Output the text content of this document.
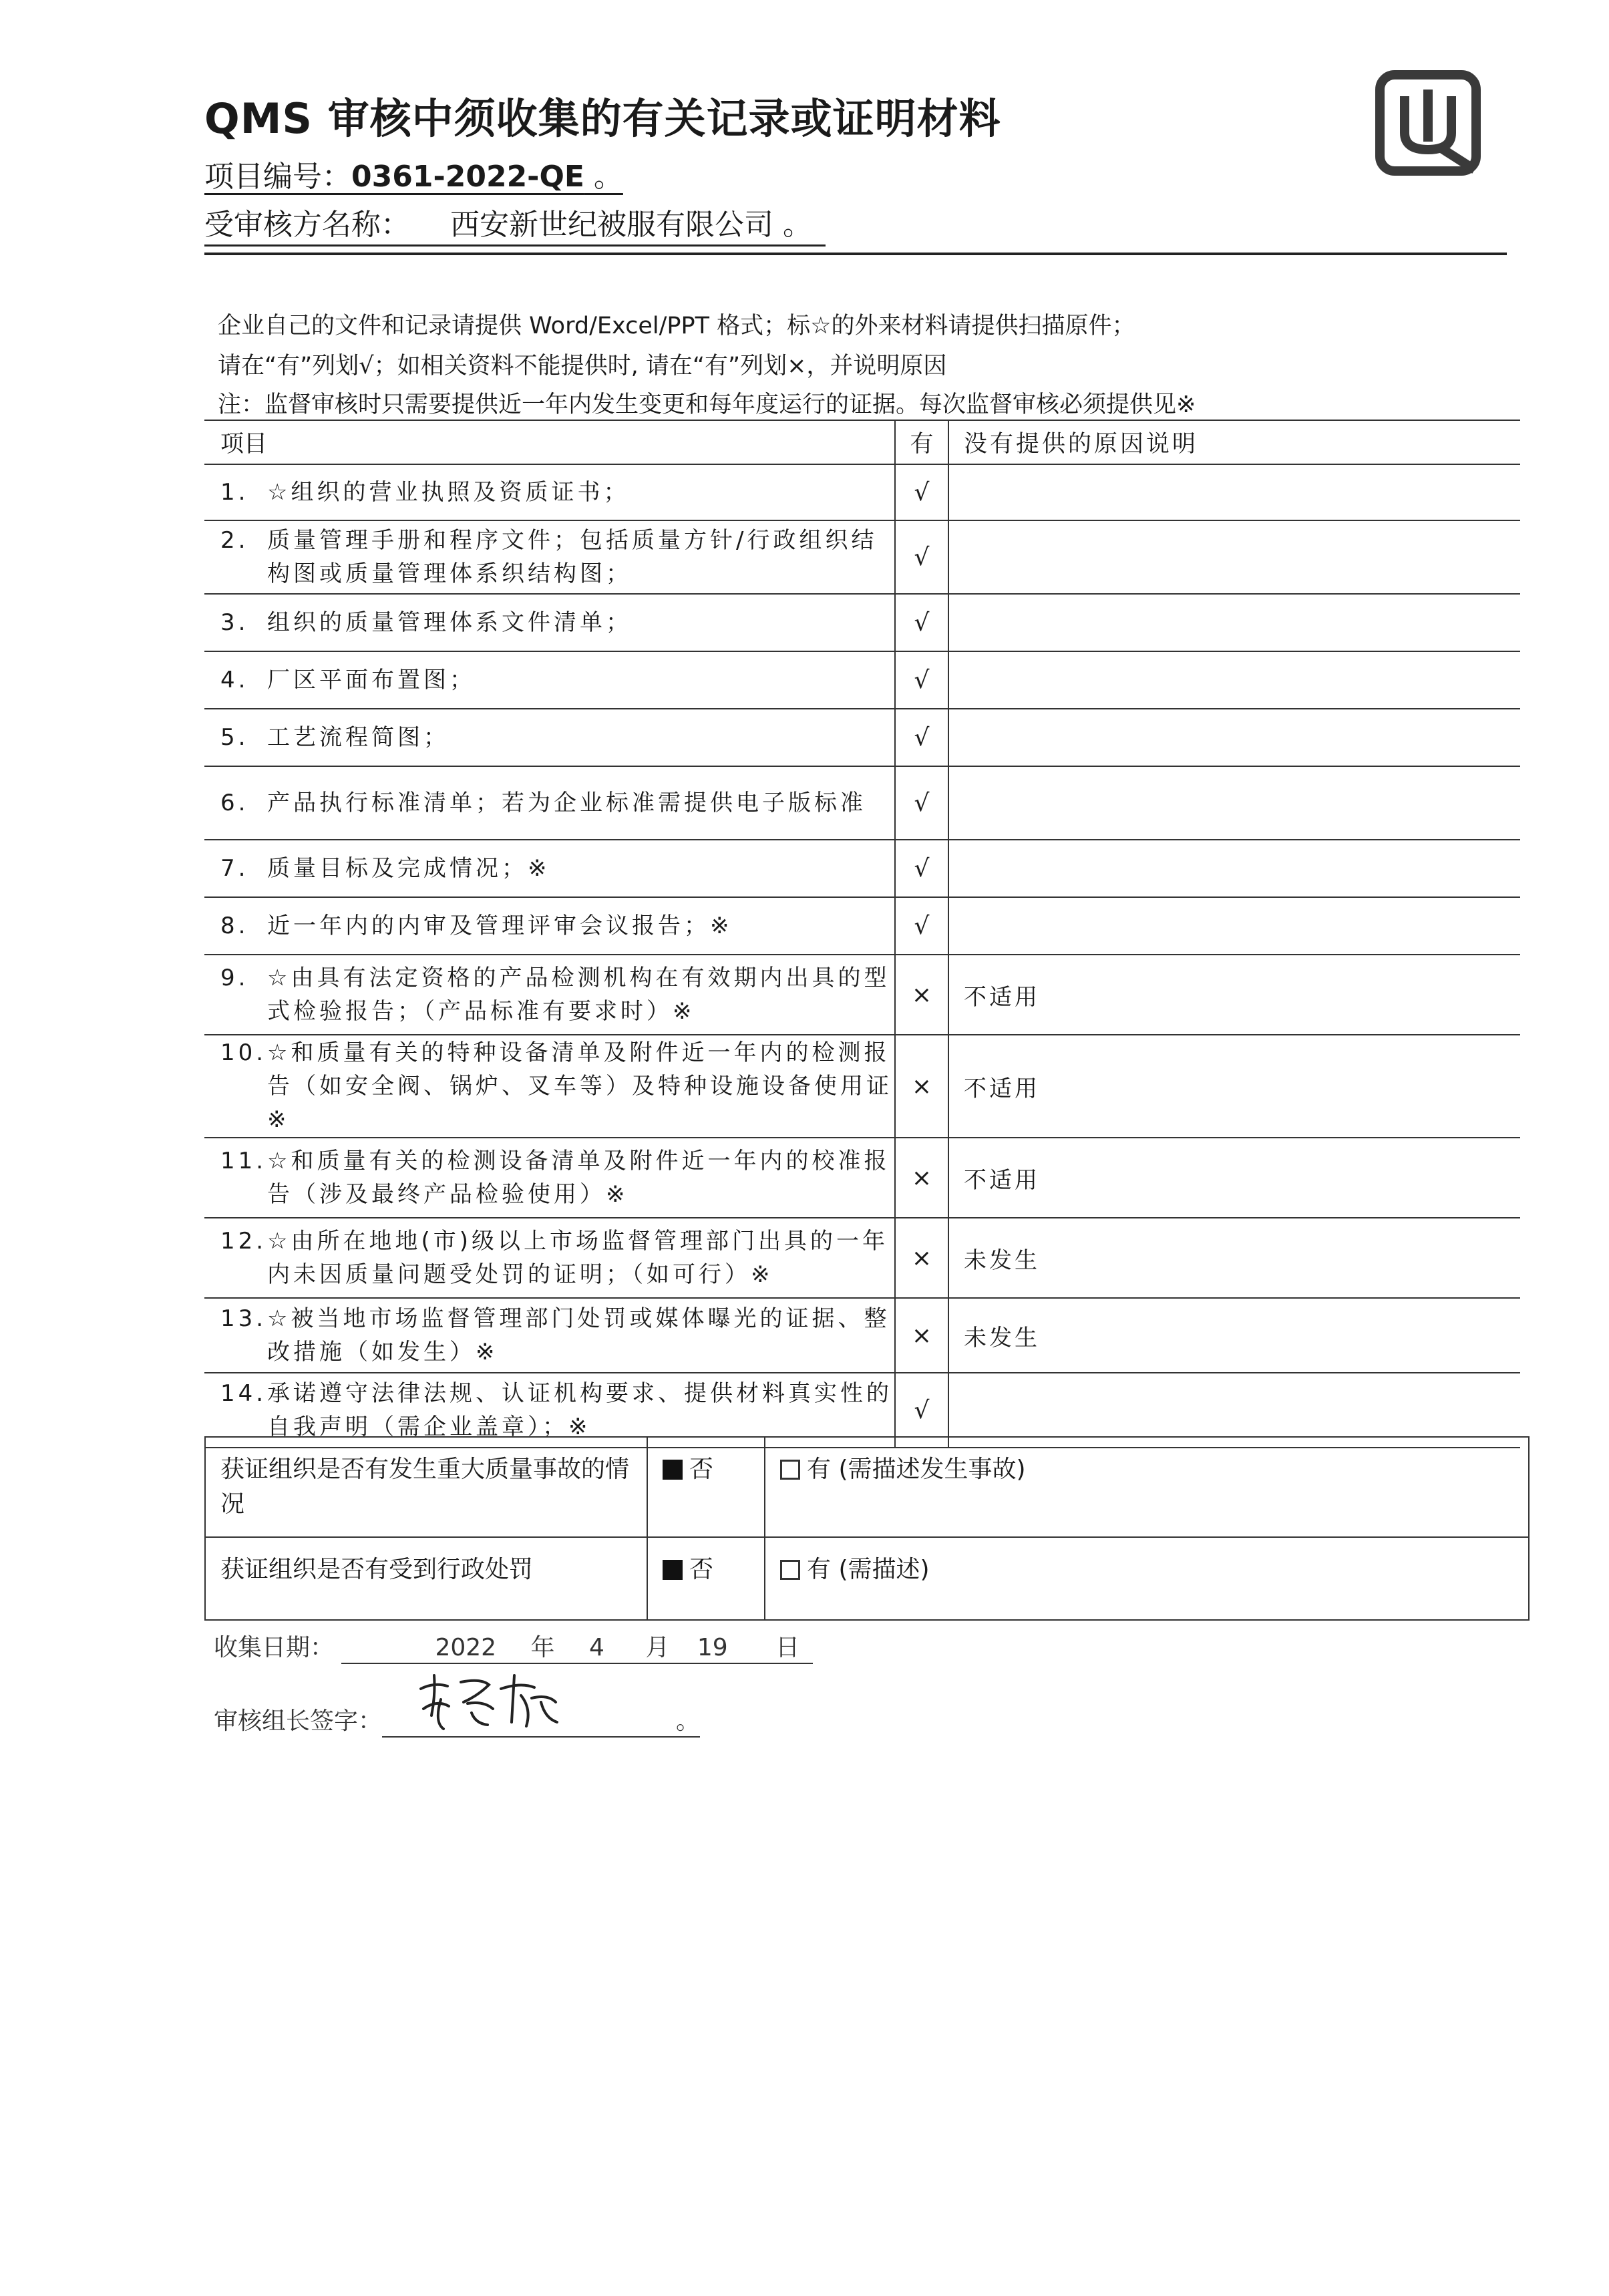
QMS 审核中须收集的有关记录或证明材料
项目编号：0361-2022-QE 。
受审核方名称： 西安新世纪被服有限公司 。
企业自己的文件和记录请提供 Word/Excel/PPT 格式；标☆的外来材料请提供扫描原件；
请在“有”列划√；如相关资料不能提供时, 请在“有”列划×，并说明原因
注：监督审核时只需要提供近一年内发生变更和每年度运行的证据。每次监督审核必须提供见※
项目	有	没有提供的原因说明

1. ☆组织的营业执照及资质证书；	√	

2. 质量管理手册和程序文件；包括质量方针/行政组织结构图或质量管理体系织结构图；	√	

3. 组织的质量管理体系文件清单；	√	

4. 厂区平面布置图；	√	

5. 工艺流程简图；	√	

6. 产品执行标准清单；若为企业标准需提供电子版标准	√	

7. 质量目标及完成情况；※	√	

8. 近一年内的内审及管理评审会议报告；※	√	

9. ☆由具有法定资格的产品检测机构在有效期内出具的型式检验报告；（产品标准有要求时）※	×	不适用

10. ☆和质量有关的特种设备清单及附件近一年内的检测报告（如安全阀、锅炉、叉车等）及特种设施设备使用证※	×	不适用

11. ☆和质量有关的检测设备清单及附件近一年内的校准报告（涉及最终产品检验使用）※	×	不适用

12. ☆由所在地地(市)级以上市场监督管理部门出具的一年内未因质量问题受处罚的证明；（如可行）※	×	未发生

13. ☆被当地市场监督管理部门处罚或媒体曝光的证据、整改措施（如发生）※	×	未发生

14. 承诺遵守法律法规、认证机构要求、提供材料真实性的自我声明（需企业盖章）；※	√	
获证组织是否有发生重大质量事故的情况	否	有 (需描述发生事故)
获证组织是否有受到行政处罚	否	有 (需描述)
收集日期：	2022 年 4 月 19 日
审核组长签字：	。
